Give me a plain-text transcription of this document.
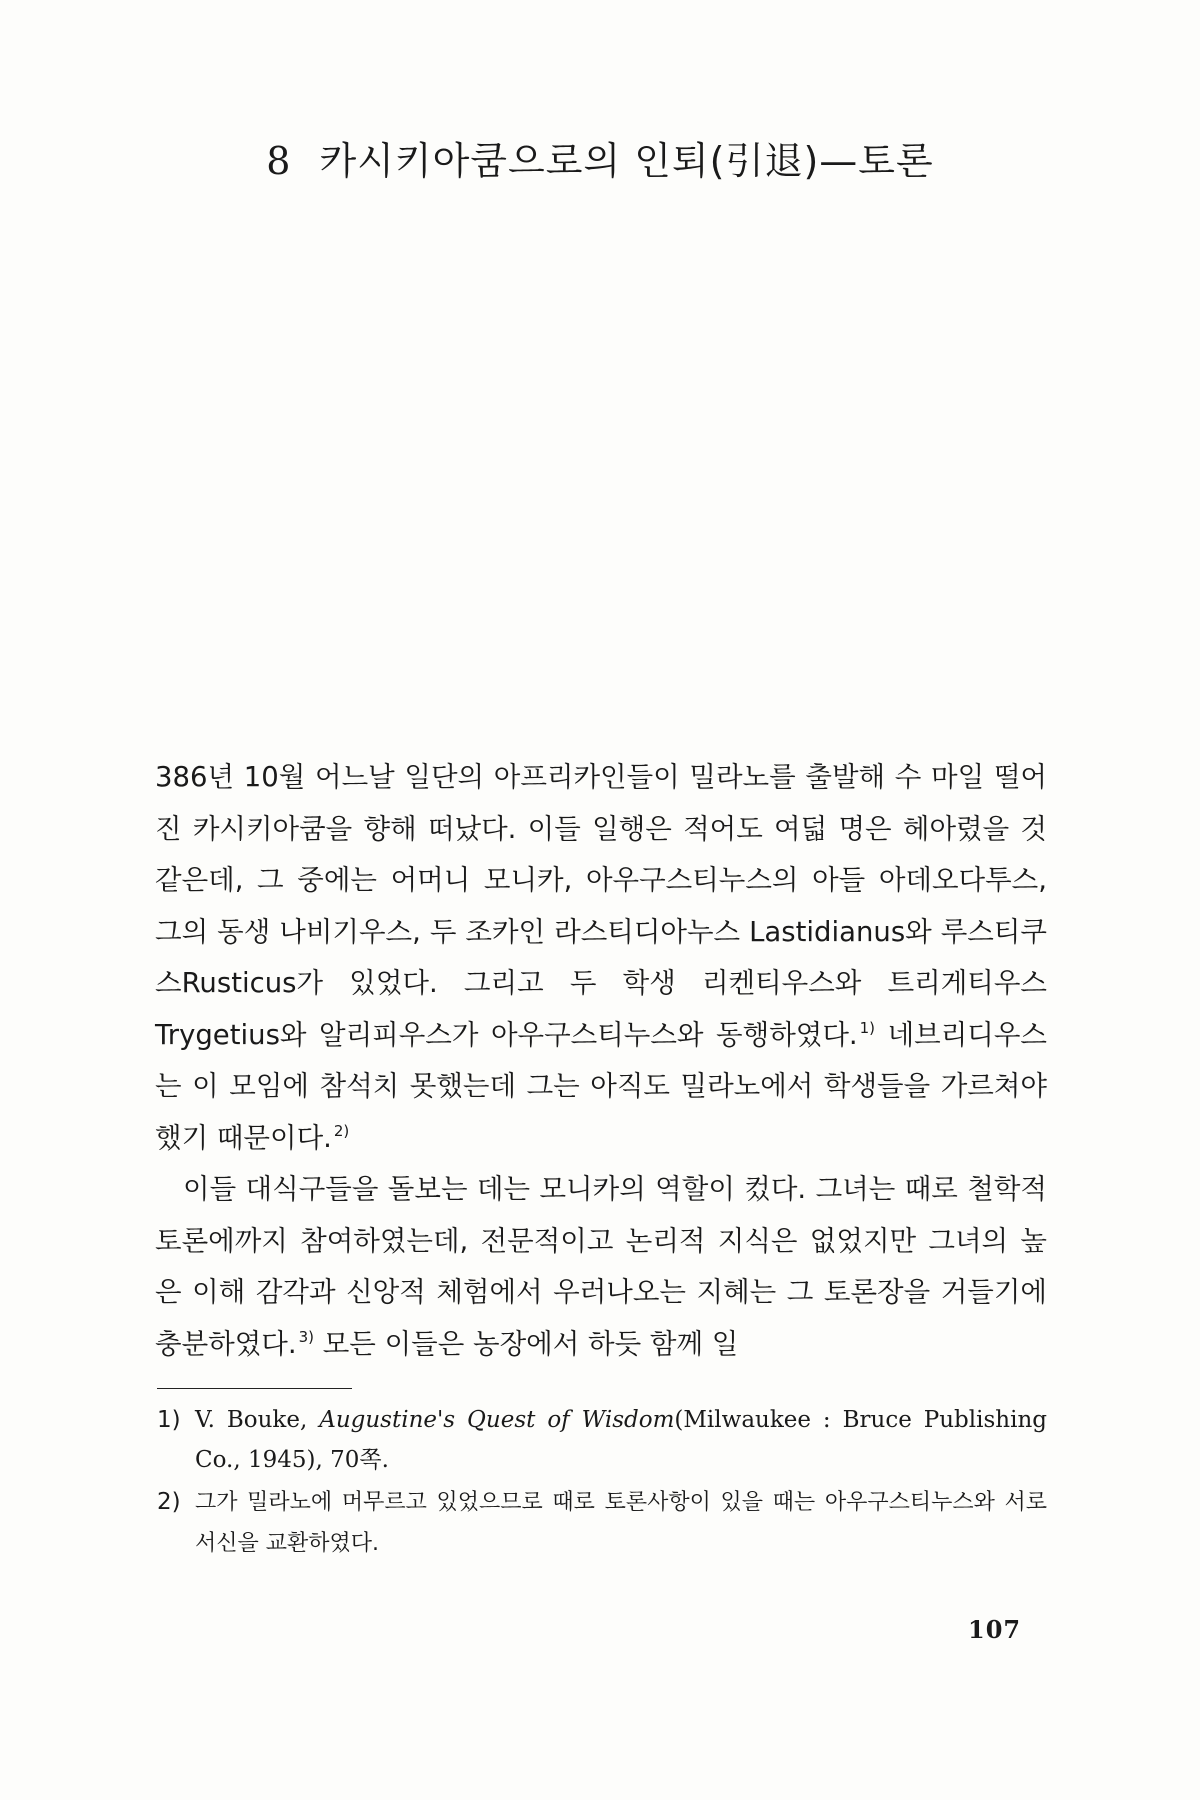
8 카시키아쿰으로의 인퇴(引退)—토론

386년 10월 어느날 일단의 아프리카인들이 밀라노를 출발해 수 마일 떨어진 카시키아쿰을 향해 떠났다. 이들 일행은 적어도 여덟 명은 헤아렸을 것 같은데, 그 중에는 어머니 모니카, 아우구스티누스의 아들 아데오다투스, 그의 동생 나비기우스, 두 조카인 라스티디아누스 Lastidianus와 루스티쿠스Rusticus가 있었다. 그리고 두 학생 리켄티우스와 트리게티우스Trygetius와 알리피우스가 아우구스티누스와 동행하였다. $^{1)}$ 네브리디우스는 이 모임에 참석치 못했는데 그는 아직도 밀라노에서 학생들을 가르쳐야 했기 때문이다. $^{2)}$

이들 대식구들을 돌보는 데는 모니카의 역할이 컸다. 그녀는 때로 철학적 토론에까지 참여하였는데, 전문적이고 논리적 지식은 없었지만 그녀의 높은 이해 감각과 신앙적 체험에서 우러나오는 지혜는 그 토론장을 거들기에 충분하였다. $^{3)}$ 모든 이들은 농장에서 하듯 함께 일

1) V. Bouke, Augustine's Quest of Wisdom(Milwaukee : Bruce Publishing Co., 1945), 70쪽.

2) 그가 밀라노에 머무르고 있었으므로 때로 토론사항이 있을 때는 아우구스티누스와 서로 서신을 교환하였다.

107
